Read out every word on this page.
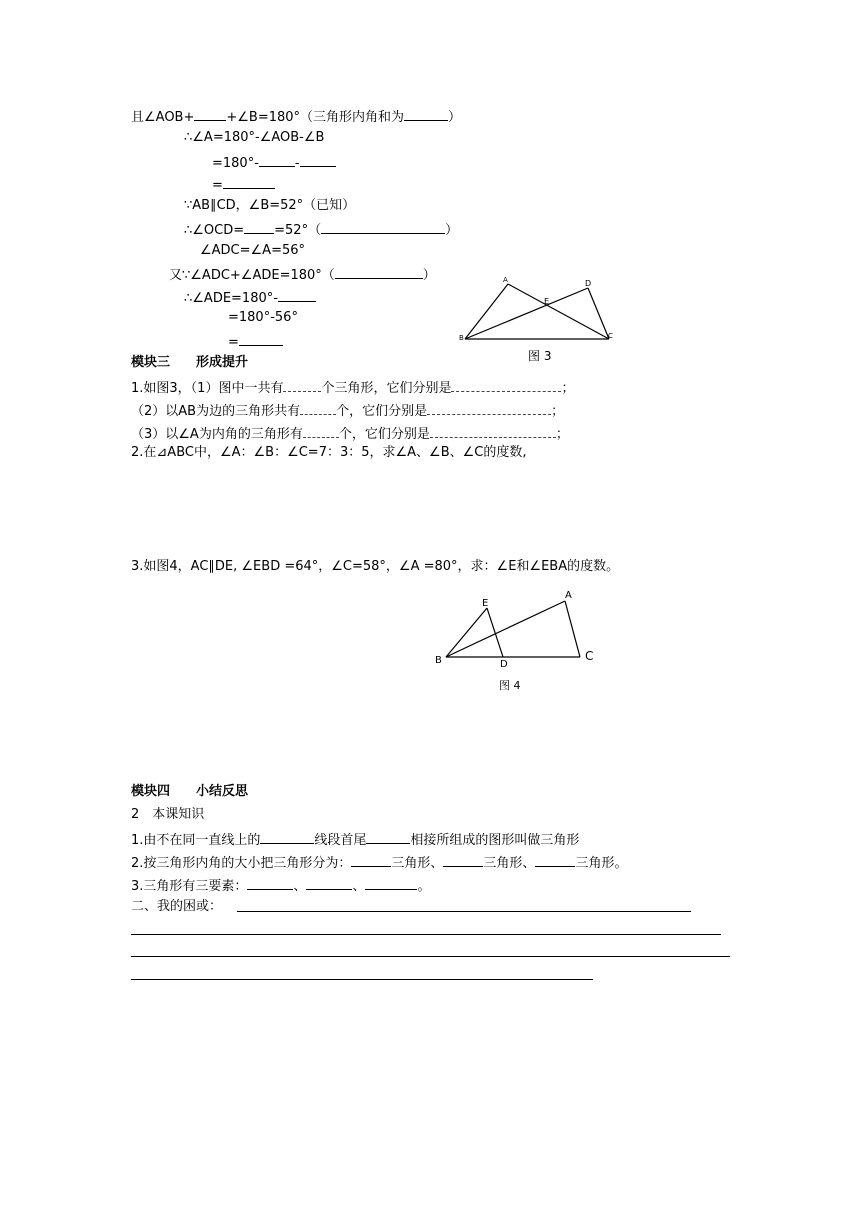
且∠AOB+ +∠B=180°（三角形内角和为	）
∴∠A=180°-∠AOB-∠B
=180°-	-
=
∵AB∥CD，∠B=52°（已知）
∴∠OCD= =52°（	）
∠ADC=∠A=56°
又∵∠ADC+∠ADE=180°（	）
∴∠ADE=180°-
=180°-56°
=
A	D
E
B	C
图 3
模块三　　形成提升
1.如图3，（1）图中一共有	个三角形，它们分别是	；
（2）以AB为边的三角形共有	个，它们分别是	；
（3）以∠A为内角的三角形有	个，它们分别是	；
2.在⊿ABC中，∠A：∠B：∠C=7：3：5，求∠A、∠B、∠C的度数,
3.如图4，AC∥DE, ∠EBD =64°，∠C=58°，∠A =80°，求：∠E和∠EBA的度数。
E
A
B	D
C
图 4
模块四　　小结反思
2　本课知识
1.由不在同一直线上的	线段首尾	相接所组成的图形叫做三角形
2.按三角形内角的大小把三角形分为：	三角形、	三角形、	三角形。
3.三角形有三要素：	、	、	。
二、我的困或：
